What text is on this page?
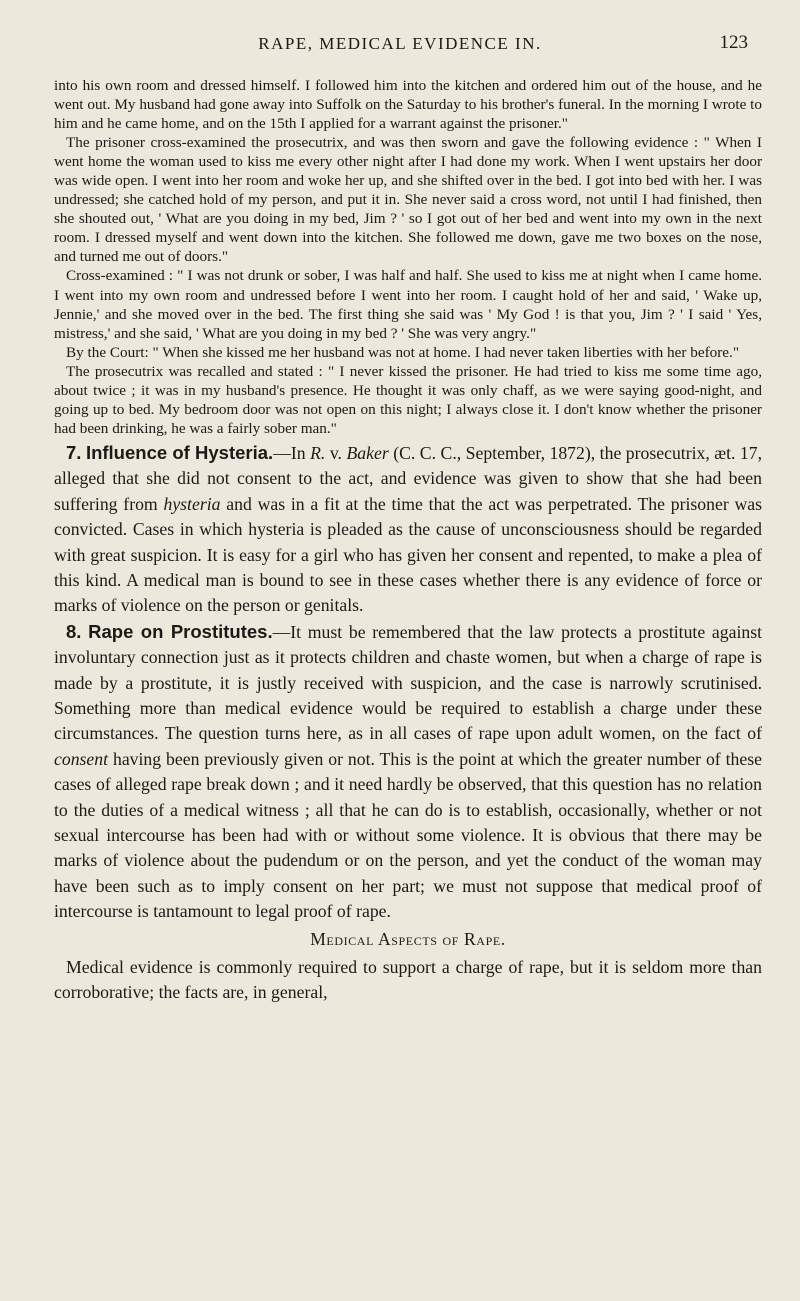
RAPE, MEDICAL EVIDENCE IN.	123

into his own room and dressed himself. I followed him into the kitchen and ordered him out of the house, and he went out. My husband had gone away into Suffolk on the Saturday to his brother's funeral. In the morning I wrote to him and he came home, and on the 15th I applied for a warrant against the prisoner."

The prisoner cross-examined the prosecutrix, and was then sworn and gave the following evidence : " When I went home the woman used to kiss me every other night after I had done my work. When I went upstairs her door was wide open. I went into her room and woke her up, and she shifted over in the bed. I got into bed with her. I was undressed; she catched hold of my person, and put it in. She never said a cross word, not until I had finished, then she shouted out, ' What are you doing in my bed, Jim ? ' so I got out of her bed and went into my own in the next room. I dressed myself and went down into the kitchen. She followed me down, gave me two boxes on the nose, and turned me out of doors."

Cross-examined : " I was not drunk or sober, I was half and half. She used to kiss me at night when I came home. I went into my own room and undressed before I went into her room. I caught hold of her and said, ' Wake up, Jennie,' and she moved over in the bed. The first thing she said was ' My God ! is that you, Jim ? ' I said ' Yes, mistress,' and she said, ' What are you doing in my bed ? ' She was very angry."

By the Court: " When she kissed me her husband was not at home. I had never taken liberties with her before."

The prosecutrix was recalled and stated : " I never kissed the prisoner. He had tried to kiss me some time ago, about twice ; it was in my husband's presence. He thought it was only chaff, as we were saying good-night, and going up to bed. My bedroom door was not open on this night; I always close it. I don't know whether the prisoner had been drinking, he was a fairly sober man."

7. Influence of Hysteria.—In R. v. Baker (C. C. C., September, 1872), the prosecutrix, æt. 17, alleged that she did not consent to the act, and evidence was given to show that she had been suffering from hysteria and was in a fit at the time that the act was perpetrated. The prisoner was convicted. Cases in which hysteria is pleaded as the cause of unconsciousness should be regarded with great suspicion. It is easy for a girl who has given her consent and repented, to make a plea of this kind. A medical man is bound to see in these cases whether there is any evidence of force or marks of violence on the person or genitals.

8. Rape on Prostitutes.—It must be remembered that the law protects a prostitute against involuntary connection just as it protects children and chaste women, but when a charge of rape is made by a prostitute, it is justly received with suspicion, and the case is narrowly scrutinised. Something more than medical evidence would be required to establish a charge under these circumstances. The question turns here, as in all cases of rape upon adult women, on the fact of consent having been previously given or not. This is the point at which the greater number of these cases of alleged rape break down ; and it need hardly be observed, that this question has no relation to the duties of a medical witness ; all that he can do is to establish, occasionally, whether or not sexual intercourse has been had with or without some violence. It is obvious that there may be marks of violence about the pudendum or on the person, and yet the conduct of the woman may have been such as to imply consent on her part; we must not suppose that medical proof of intercourse is tantamount to legal proof of rape.

Medical Aspects of Rape.

Medical evidence is commonly required to support a charge of rape, but it is seldom more than corroborative; the facts are, in general,
